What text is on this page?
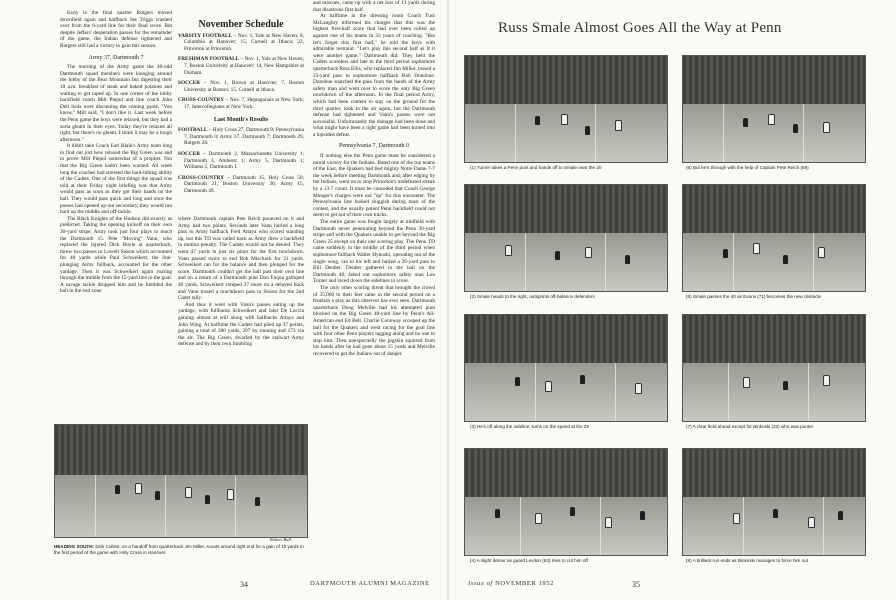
Early in the final quarter Rutgers moved downfield again and halfback Joe Triggs crashed over from the 6-yard line for their final score. But despite Jeffers' desperation passes for the remainder of the game, the Indian defense tightened and Rutgers still had a victory to gain this season.

Army 37, Dartmouth 7

The morning of the Army game the 40-odd Dartmouth squad members were lounging around the lobby of the Bear Mountain Inn digesting their 10 a.m. breakfast of steak and baked potatoes and waiting to get taped up. In one corner of the lobby backfield coach Milt Piepul and line coach John Dell Isola were discussing the coming game. "You know," Milt said, "I don't like it. Last week before the Penn game the boys were relaxed, but they had a sorta gleam in their eyes. Today they're relaxed all right, but there's no gleam. I think it may be a tough afternoon."

It didn't take Coach Earl Blaik's Army team long to find out just how relaxed the Big Green was and to prove Milt Piepul somewhat of a prophet. Not that the Big Green hadn't been warned. All week long the coaches had stressed the hard-hitting ability of the Cadets. One of the first things the squad was told at their Friday night briefing was that Army would pass as soon as they got their hands on the ball. They would pass quick and long and once the passes had opened up our secondary, they would run hard up the middle and off-tackle.

The Black Knights of the Hudson did exactly as predicted. Taking the opening kickoff on their own 30-yard stripe, Army took just four plays to reach the Dartmouth 15. Pete "Moving" Vann, who replaced the injured Dick Boyle at quarterback, threw two passes to Lowell Sisson which accounted for 40 yards while Paul Schweikert, the line-plunging Army fullback, accounted for the other yardage. Then it was Schweikert again roaring through the middle from the 15-yard line to the goal. A savage tackle dropped him and he fumbled the ball in the end zone

November Schedule

VARSITY FOOTBALL – Nov. 1, Yale at New Haven; 8, Columbia at Hanover; 15, Cornell at Ithaca; 22, Princeton at Princeton.

FRESHMAN FOOTBALL – Nov. 1, Yale at New Haven; 7, Boston University at Hanover; 14, New Hampshire at Durham.

SOCCER – Nov. 1, Brown at Hanover; 7, Boston University at Boston; 15, Cornell at Ithaca.

CROSS-COUNTRY – Nov. 7, Heptagonals at New York; 17, Intercollegiates at New York.

Last Month's Results

FOOTBALL – Holy Cross 27, Dartmouth 9; Pennsylvania 7, Dartmouth 0; Army 37, Dartmouth 7; Dartmouth 29, Rutgers 20.

SOCCER – Dartmouth 2, Massachusetts University 1; Dartmouth 3, Amherst 1; Army 5, Dartmouth 1; Williams 2, Dartmouth 1.

CROSS-COUNTRY – Dartmouth 15, Holy Cross 50; Dartmouth 21, Boston University 36; Army 15, Dartmouth 49.

where Dartmouth captain Pete Reich pounced on it and Army had two points. Seconds later Vann hurled a long pass to Army halfback Fred Attaya who scored standing up, but this TD was called back as Army drew a backfield in motion penalty. The Cadets would not be denied. They went 47 yards in just six plays for the first touchdown. Vann passed twice to end Bob Mischack for 31 yards. Schweikert ran for the balance and then plunged for the score. Dartmouth couldn't get the ball past their own line and on a return of a Dartmouth punt Don Fuqua galloped 40 yards, Schweikert romped 27 more on a delayed buck and Vann tossed a touchdown pass to Sisson for the 2nd Cadet tally.

And thus it went with Vann's passes eating up the yardage, with fullbacks Schweikert and later De Luccia gaining almost at will along with halfbacks Attaya and John Wing. At halftime the Cadets had piled up 37 points, gaining a total of 380 yards, 207 by running and 173 via the air. The Big Green, dwarfed by the stalwart Army defense and by their own fumbling

and miscues, came up with a net loss of 13 yards during that disastrous first half.

At halftime in the dressing room Coach Tuss McLaughry informed his charges that this was the highest first-half score that had ever been rolled up against one of his teams in 33 years of coaching. "But let's forget this first half," he told the boys with admirable restraint. "Let's play this second half as if it were another game." Dartmouth did. They held the Cadets scoreless and late in the third period sophomore quarterback Ross Ellis, who replaced Jim Miller, tossed a 23-yard pass to sophomore halfback Bob Donohue. Donohue snatched the pass from the hands of the Army safety man and went over to score the only Big Green touchdown of the afternoon. In the final period Army, which had been content to stay on the ground for the third quarter, took to the air again, but the Dartmouth defense had tightened and Vann's passes were not successful. Unfortunately the damage had been done and what might have been a tight game had been turned into a lopsided defeat.

Pennsylvania 7, Dartmouth 0

If nothing else the Penn game must be considered a moral victory for the Indians. Rated one of the top teams of the East, the Quakers had tied mighty Notre Dame 7-7 the week before meeting Dartmouth and, after edging by the Indians, went on to stop Princeton's undefeated streak by a 13-7 count. It must be conceded that Coach George Munger's charges were not "up" for this encounter. The Pennsylvania line looked sluggish during most of the contest, and the usually potent Penn backfield could not seem to get out of their own tracks.

The entire game was fought largely at midfield with Dartmouth never penetrating beyond the Penn 30-yard stripe and with the Quakers unable to get beyond the Big Green 25 except on their one scoring play. The Penn TD came suddenly in the middle of the third period when sophomore fullback Walter Hynoski, operating out of the single wing, ran to his left and hurled a 26-yard pass to Bill Deuber. Deuber gathered in the ball on the Dartmouth 40, faked out sophomore safety man Lou Turner and raced down the sidelines to score.

The only other scoring threat that brought the crowd of 35,000 to their feet came in the second period on a freakish a play as this observer has ever seen. Dartmouth quarterback Doug Melville had his attempted punt blocked on the Big Green 40-yard line by Penn's All-American end Ed Bell. Charlie Conoway scooped up the ball for the Quakers and went racing for the goal line with four other Penn players tagging along and no one to stop him. Then unexpectedly the pigskin squirted from his hands after he had gone about 15 yards and Melville recovered to get the Indians out of danger.

Robert Bull
HEADING SOUTH: Dick Collins, on a handoff from quarterback Jim Miller, scoots around right end for a gain of 19 yards in the first period of the game with Holy Cross in Hanover.
34	DARTMOUTH ALUMNI MAGAZINE
Russ Smale Almost Goes All the Way at Penn
(1) Turner takes a Penn punt and hands off to Smale near the 20	(5) But he's through with the help of Captain Pete Reich (69)
(2) Smale heads to the right, outsprints off-balance defenders	(6) Smale passes the 40 as Evans (71) becomes the new obstacle
(3) He's off along the sideline, turns on the speed at the 25	(7) A clear field ahead except for Binkoski (22) who was punter
(4) A slight detour as guard Leviton (63) tries to cut him off	(8) A brilliant run ends as Binkoski manages to force him out
Issue of NOVEMBER 1952	35
